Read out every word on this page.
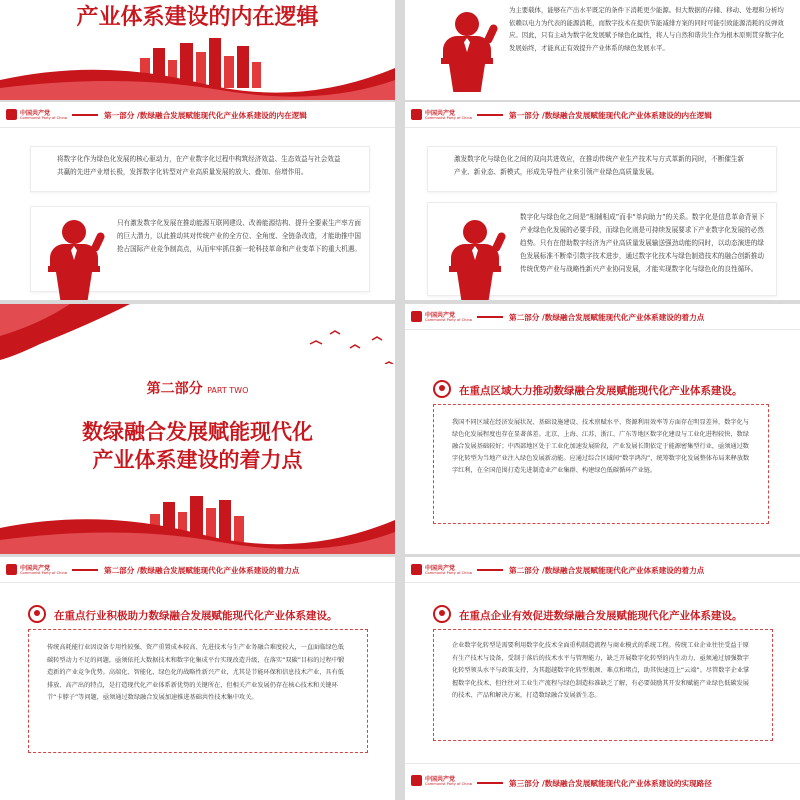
产业体系建设的内在逻辑	为主要载体，能够在产出水平既定的条件下消耗更少能源。但大数据的存储、移动、处理和分析均依赖以电力为代表的能源消耗，而数字技术在提供节能减排方案的同时可能引致能源消耗的反弹效应。因此，只有主动为数字化发展赋予绿色化属性，将人与自然和谐共生作为根本原则贯穿数字化发展始终，才能真正有效提升产业体系的绿色发展水平。
中国共产党
Communist Party of China	第一部分 /数绿融合发展赋能现代化产业体系建设的内在逻辑
将数字化作为绿色化发展的核心驱动力，在产业数字化过程中构筑经济效益、生态效益与社会效益共赢的先进产业增长极，发挥数字化转型对产业高质量发展的放大、叠加、倍增作用。
只有激发数字化发展在推动能源互联网建设、改善能源结构、提升全要素生产率方面的巨大潜力，以此推动其对传统产业的全方位、全角度、全链条改造，才能助推中国抢占国际产业竞争制高点，从而牢牢抓住新一轮科技革命和产业变革下的重大机遇。
中国共产党
Communist Party of China	第一部分 /数绿融合发展赋能现代化产业体系建设的内在逻辑
激发数字化与绿色化之间的双向共进效应，在推动传统产业生产技术与方式革新的同时，不断催生新产业、新业态、新模式，形成先导性产业来引领产业绿色高质量发展。
数字化与绿色化之间是“相辅相成”而非“单向助力”的关系。数字化是信息革命背景下产业绿色化发展的必要手段，而绿色化则是可持续发展要求下产业数字化发展的必然趋势。只有在借助数字经济为产业高质量发展输送强劲动能的同时，以动态演进的绿色发展标准不断牵引数字技术进步，通过数字化技术与绿色制造技术的融合创新推动传统优势产业与战略性新兴产业协同发展，才能实现数字化与绿色化的良性循环。
第二部分 PART TWO
数绿融合发展赋能现代化
产业体系建设的着力点
中国共产党
Communist Party of China	第二部分 /数绿融合发展赋能现代化产业体系建设的着力点
在重点区域大力推动数绿融合发展赋能现代化产业体系建设。
我国不同区域在经济发展状况、基础设施建设、技术禀赋水平、资源利用效率等方面存在明显差异，数字化与绿色化发展程度也存在显著落差。北京、上海、江苏、浙江、广东等地区数字化建设与工业化进程较快，数绿融合发展基础较好；中西部地区处于工业化加速发展阶段，产业发展长期依定于能源密集型行业，亟须通过数字化转型为当地产业注入绿色发展新动能。应通过综合区域间“数字鸿沟”，统筹数字化发展整体布局来释放数字红利，在全国范围打造先进制造业产业集群、构建绿色低碳循环产业链。
中国共产党
Communist Party of China	第二部分 /数绿融合发展赋能现代化产业体系建设的着力点
在重点行业积极助力数绿融合发展赋能现代化产业体系建设。
传统高耗能行业因设备专用性较强、资产重置成本较高、先进技术与生产业务融合难度较大，一直面临绿色低碳转型动力不足的问题，亟须依托大数据技术和数字化集成平台实现改造升级，在落实“双碳”目标的过程中锻造新的产业竞争优势。高端化、智能化、绿色化的战略性新兴产业，尤其是节能环保和信息技术产业，具有低排放、高产出的特点，是打造现代化产业体系新优势的关键所在，但相关产业发展仍存在核心技术和关键环节“卡脖子”等问题，亟须通过数绿融合发展加速推进基础共性技术集中攻关。
中国共产党
Communist Party of China	第二部分 /数绿融合发展赋能现代化产业体系建设的着力点
在重点企业有效促进数绿融合发展赋能现代化产业体系建设。
企业数字化转型是需要利用数字化技术全面重构制造流程与商业模式的系统工程。传统工业企业往往受益于原有生产技术与设备，受制于落后的技术水平与管理能力，缺乏开展数字化转型的内生动力，亟须通过加强数字化转型领头水平与政策支持，为其超越数字化转型瓶颈、难点和堵点，助其快速迈上“云端”。尽管数字企业掌握数字化技术，但往往对工业生产流程与绿色制造标准缺乏了解，有必要鼓励其开发和赋能产业绿色低碳发展的技术、产品和解决方案，打造数绿融合发展新生态。
中国共产党
Communist Party of China	第三部分 /数绿融合发展赋能现代化产业体系建设的实现路径
